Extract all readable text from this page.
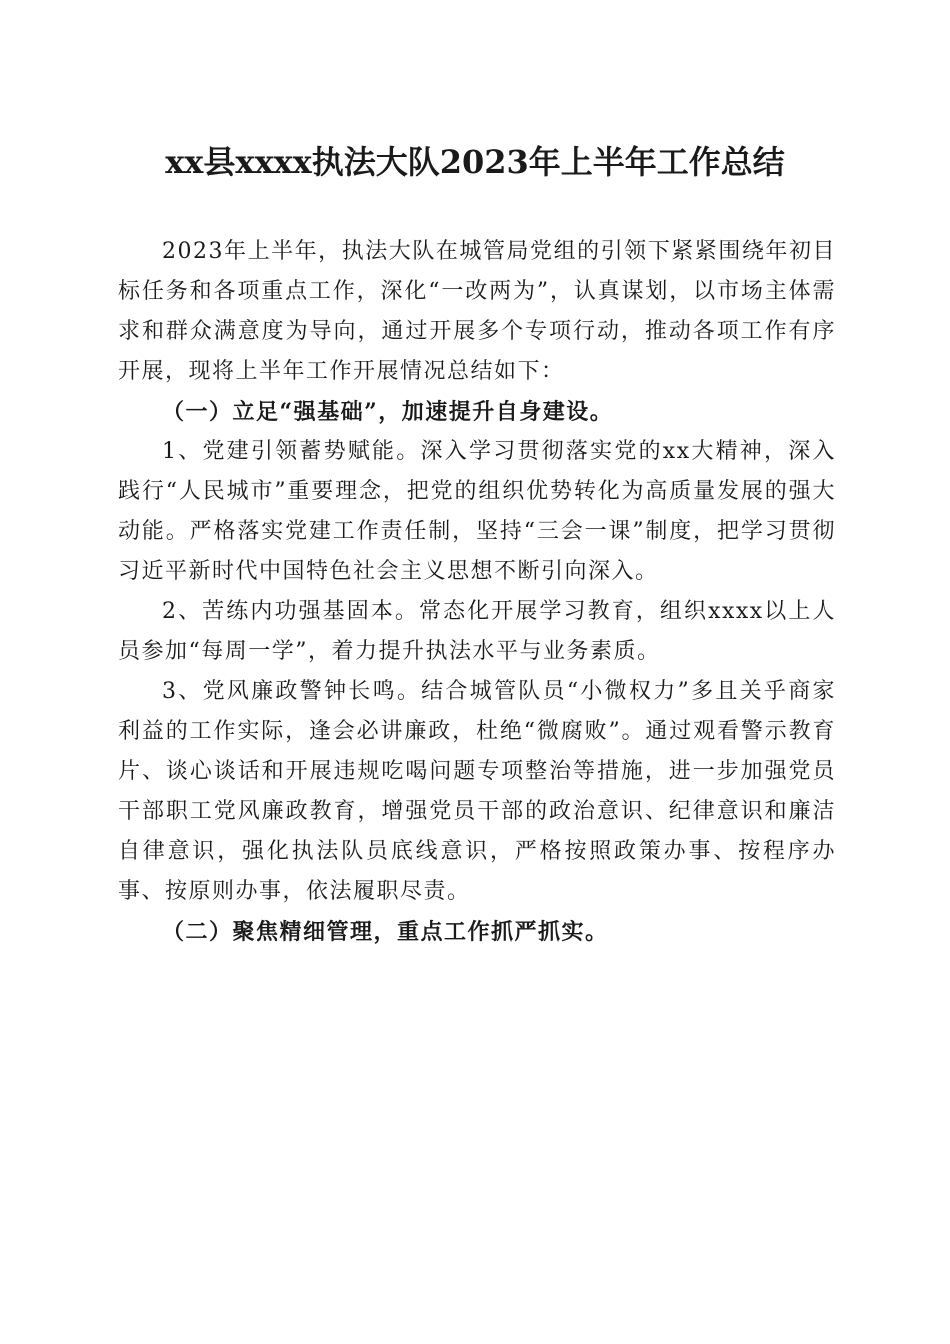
xx县xxxx执法大队2023年上半年工作总结

2023年上半年，执法大队在城管局党组的引领下紧紧围绕年初目标任务和各项重点工作，深化“一改两为”，认真谋划，以市场主体需求和群众满意度为导向，通过开展多个专项行动，推动各项工作有序开展，现将上半年工作开展情况总结如下：

（一）立足“强基础”，加速提升自身建设。

1、党建引领蓄势赋能。深入学习贯彻落实党的xx大精神，深入践行“人民城市”重要理念，把党的组织优势转化为高质量发展的强大动能。严格落实党建工作责任制，坚持“三会一课”制度，把学习贯彻习近平新时代中国特色社会主义思想不断引向深入。

2、苦练内功强基固本。常态化开展学习教育，组织xxxx以上人员参加“每周一学”，着力提升执法水平与业务素质。

3、党风廉政警钟长鸣。结合城管队员“小微权力”多且关乎商家利益的工作实际，逢会必讲廉政，杜绝“微腐败”。通过观看警示教育片、谈心谈话和开展违规吃喝问题专项整治等措施，进一步加强党员干部职工党风廉政教育，增强党员干部的政治意识、纪律意识和廉洁自律意识，强化执法队员底线意识，严格按照政策办事、按程序办事、按原则办事，依法履职尽责。

（二）聚焦精细管理，重点工作抓严抓实。
